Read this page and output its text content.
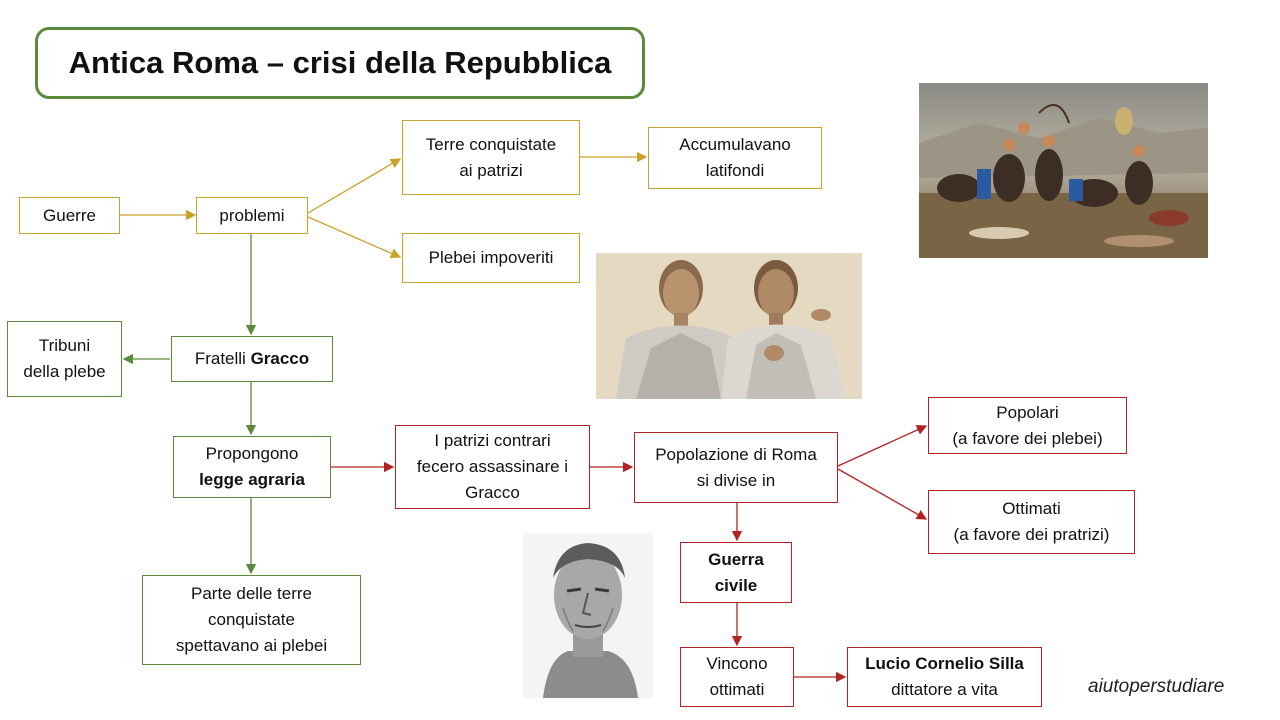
Antica Roma – crisi della Repubblica
Guerre	problemi
Terre conquistate
ai patrizi
Accumulavano
latifondi
Plebei impoveriti
Fratelli Gracco
Tribuni
della plebe
Propongono
legge agraria
Parte delle terre
conquistate
spettavano ai plebei
I patrizi contrari
fecero assassinare i
Gracco
Popolazione di Roma
si divise in
Popolari
(a favore dei plebei)
Ottimati
(a favore dei pratrizi)
Guerra
civile
Vincono
ottimati
Lucio Cornelio Silla
dittatore a vita	aiutoperstudiare
